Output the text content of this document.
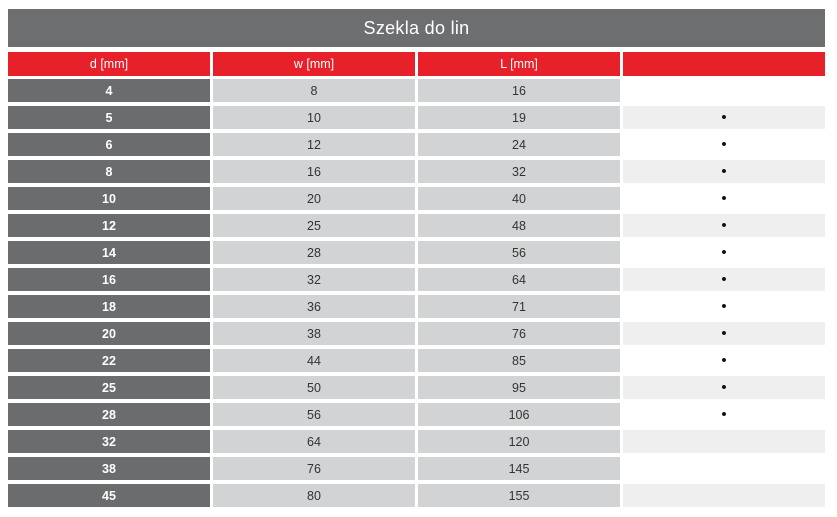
Szekla do lin
d [mm]	w [mm]	L [mm]
4	8	16
5	10	19	•
6	12	24	•
8	16	32	•
10	20	40	•
12	25	48	•
14	28	56	•
16	32	64	•
18	36	71	•
20	38	76	•
22	44	85	•
25	50	95	•
28	56	106	•
32	64	120
38	76	145
45	80	155
